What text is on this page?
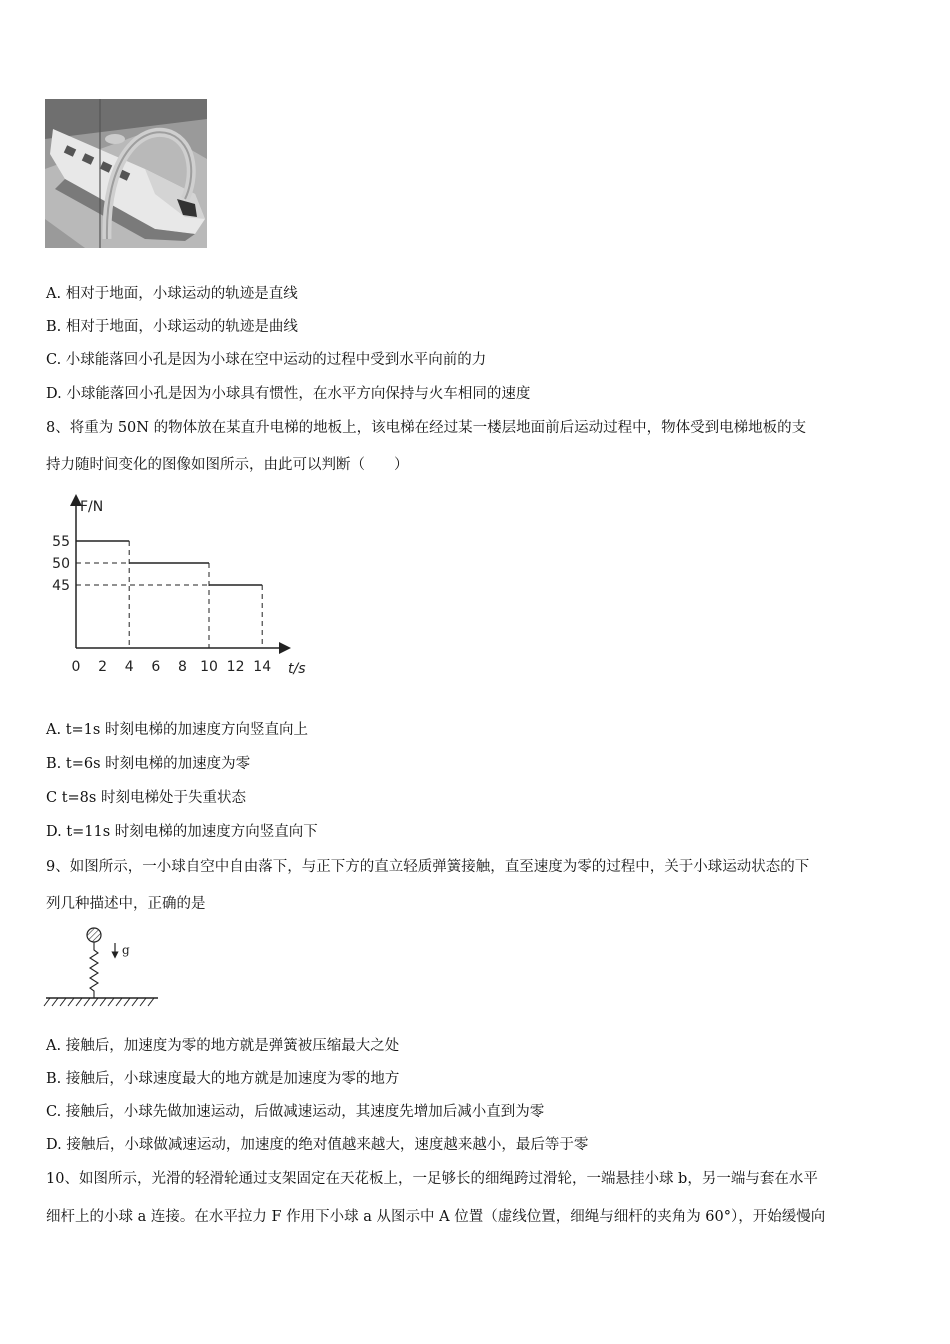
A. 相对于地面，小球运动的轨迹是直线
B. 相对于地面，小球运动的轨迹是曲线
C. 小球能落回小孔是因为小球在空中运动的过程中受到水平向前的力
D. 小球能落回小孔是因为小球具有惯性，在水平方向保持与火车相同的速度
8、将重为 50N 的物体放在某直升电梯的地板上，该电梯在经过某一楼层地面前后运动过程中，物体受到电梯地板的支
持力随时间变化的图像如图所示，由此可以判断（　　）
F/N
t/s
0 2 4 6 8 10 12 14
45
50
55
A. t=1s 时刻电梯的加速度方向竖直向上
B. t=6s 时刻电梯的加速度为零
C t=8s 时刻电梯处于失重状态
D. t=11s 时刻电梯的加速度方向竖直向下
9、如图所示，一小球自空中自由落下，与正下方的直立轻质弹簧接触，直至速度为零的过程中，关于小球运动状态的下
列几种描述中，正确的是
g
A. 接触后，加速度为零的地方就是弹簧被压缩最大之处
B. 接触后，小球速度最大的地方就是加速度为零的地方
C. 接触后，小球先做加速运动，后做减速运动，其速度先增加后减小直到为零
D. 接触后，小球做减速运动，加速度的绝对值越来越大，速度越来越小，最后等于零
10、如图所示，光滑的轻滑轮通过支架固定在天花板上，一足够长的细绳跨过滑轮，一端悬挂小球 b，另一端与套在水平
细杆上的小球 a 连接。在水平拉力 F 作用下小球 a 从图示中 A 位置（虚线位置，细绳与细杆的夹角为 60°），开始缓慢向
